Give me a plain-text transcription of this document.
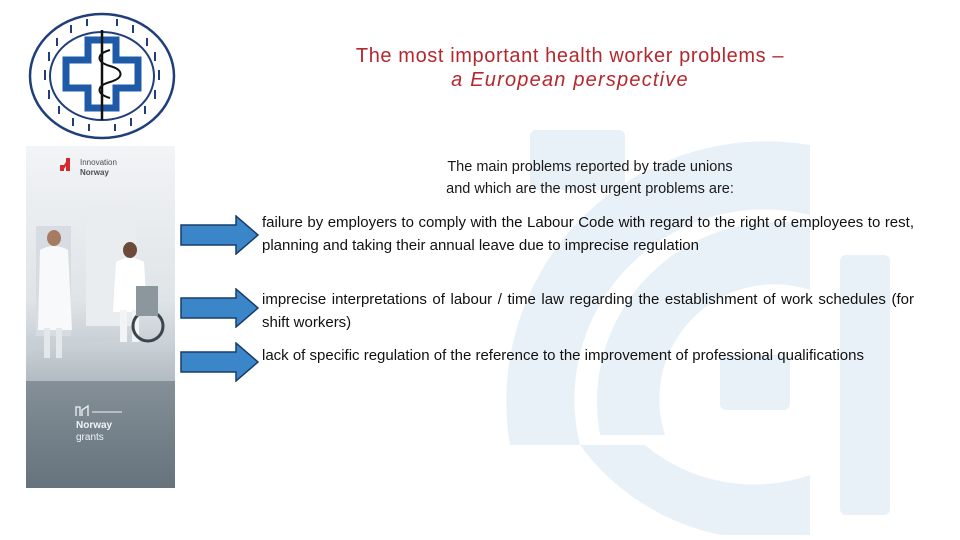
The most important health worker problems –
a European perspective
Innovation
Norway
Norway
grants
The main problems reported by trade unions
and which are the most urgent problems are:
failure by employers to comply with the Labour Code with regard to the right of employees to rest, planning and taking their annual leave due to imprecise regulation
imprecise interpretations of labour / time law regarding the establishment of work schedules (for shift workers)
lack of specific regulation of the reference to the improvement of professional qualifications
